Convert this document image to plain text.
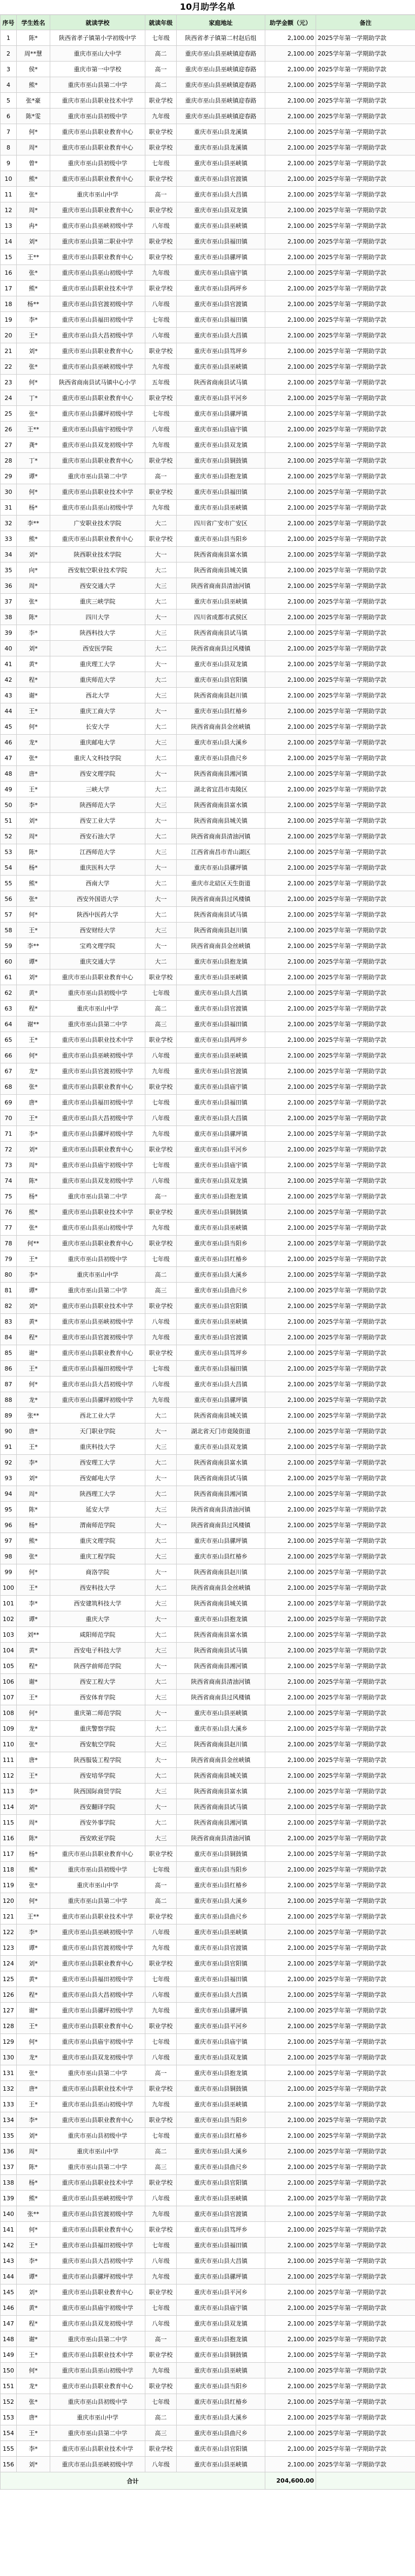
10月助学名单
序号	学生姓名	就读学校	就读年级	家庭地址	助学金额（元）	备注
1	陈*	陕西省孝子镇第小学初级中学	七年级	陕西省孝子镇第二村赵后组	2,100.00	2025学年第一学期助学款
2	周**慧	重庆市巫山大中学	高二	重庆市巫山县巫峡镇迎春路	2,100.00	2025学年第一学期助学款
3	侯*	重庆市第一中学校	高一	重庆市巫山县巫峡镇迎春路	2,100.00	2025学年第一学期助学款
4	熊*	重庆市巫山县第二中学	高二	重庆市巫山县巫峡镇迎春路	2,100.00	2025学年第一学期助学款
5	张*豪	重庆市巫山县职业技术中学	职业学校	重庆市巫山县巫峡镇迎春路	2,100.00	2025学年第一学期助学款
6	陈*雯	重庆市巫山县初级中学	九年级	重庆市巫山县巫峡镇迎春路	2,100.00	2025学年第一学期助学款
7	何*	重庆市巫山县职业教育中心	职业学校	重庆市巫山县龙溪镇	2,100.00	2025学年第一学期助学款
8	周*	重庆市巫山县职业教育中心	职业学校	重庆市巫山县龙溪镇	2,100.00	2025学年第一学期助学款
9	曾*	重庆市巫山县初级中学	七年级	重庆市巫山县巫峡镇	2,100.00	2025学年第一学期助学款
10	熊*	重庆市巫山县职业教育中心	职业学校	重庆市巫山县官渡镇	2,100.00	2025学年第一学期助学款
11	张*	重庆市巫山中学	高一	重庆市巫山县大昌镇	2,100.00	2025学年第一学期助学款
12	周*	重庆市巫山县职业教育中心	职业学校	重庆市巫山县双龙镇	2,100.00	2025学年第一学期助学款
13	冉*	重庆市巫山县巫峡初级中学	八年级	重庆市巫山县巫峡镇	2,100.00	2025学年第一学期助学款
14	刘*	重庆市巫山县第二职业中学	职业学校	重庆市巫山县福田镇	2,100.00	2025学年第一学期助学款
15	王**	重庆市巫山县职业教育中心	职业学校	重庆市巫山县骡坪镇	2,100.00	2025学年第一学期助学款
16	张*	重庆市巫山县巫山初级中学	九年级	重庆市巫山县庙宇镇	2,100.00	2025学年第一学期助学款
17	熊*	重庆市巫山县职业技术中学	职业学校	重庆市巫山县两坪乡	2,100.00	2025学年第一学期助学款
18	杨**	重庆市巫山县官渡初级中学	八年级	重庆市巫山县官渡镇	2,100.00	2025学年第一学期助学款
19	李*	重庆市巫山县福田初级中学	七年级	重庆市巫山县福田镇	2,100.00	2025学年第一学期助学款
20	王*	重庆市巫山县大昌初级中学	八年级	重庆市巫山县大昌镇	2,100.00	2025学年第一学期助学款
21	刘*	重庆市巫山县职业教育中心	职业学校	重庆市巫山县笃坪乡	2,100.00	2025学年第一学期助学款
22	张*	重庆市巫山县巫峡初级中学	九年级	重庆市巫山县巫峡镇	2,100.00	2025学年第一学期助学款
23	何*	陕西省商南县试马镇中心小学	五年级	陕西省商南县试马镇	2,100.00	2025学年第一学期助学款
24	丁*	重庆市巫山县职业教育中心	职业学校	重庆市巫山县平河乡	2,100.00	2025学年第一学期助学款
25	张*	重庆市巫山县骡坪初级中学	七年级	重庆市巫山县骡坪镇	2,100.00	2025学年第一学期助学款
26	王**	重庆市巫山县庙宇初级中学	八年级	重庆市巫山县庙宇镇	2,100.00	2025学年第一学期助学款
27	龚*	重庆市巫山县双龙初级中学	九年级	重庆市巫山县双龙镇	2,100.00	2025学年第一学期助学款
28	丁*	重庆市巫山县职业教育中心	职业学校	重庆市巫山县铜鼓镇	2,100.00	2025学年第一学期助学款
29	谭*	重庆市巫山县第二中学	高一	重庆市巫山县抱龙镇	2,100.00	2025学年第一学期助学款
30	何*	重庆市巫山县职业技术中学	职业学校	重庆市巫山县福田镇	2,100.00	2025学年第一学期助学款
31	杨*	重庆市巫山县巫山初级中学	九年级	重庆市巫山县巫峡镇	2,100.00	2025学年第一学期助学款
32	李**	广安职业技术学院	大二	四川省广安市广安区	2,100.00	2025学年第一学期助学款
33	熊*	重庆市巫山县职业教育中心	职业学校	重庆市巫山县当阳乡	2,100.00	2025学年第一学期助学款
34	刘*	陕西职业技术学院	大一	陕西省商南县富水镇	2,100.00	2025学年第一学期助学款
35	向*	西安航空职业技术学院	大二	陕西省商南县城关镇	2,100.00	2025学年第一学期助学款
36	周*	西安交通大学	大三	陕西省商南县清油河镇	2,100.00	2025学年第一学期助学款
37	张*	重庆三峡学院	大二	重庆市巫山县巫峡镇	2,100.00	2025学年第一学期助学款
38	陈*	四川大学	大一	四川省成都市武侯区	2,100.00	2025学年第一学期助学款
39	李*	陕西科技大学	大三	陕西省商南县试马镇	2,100.00	2025学年第一学期助学款
40	刘*	西安医学院	大二	陕西省商南县过风楼镇	2,100.00	2025学年第一学期助学款
41	黄*	重庆理工大学	大一	重庆市巫山县双龙镇	2,100.00	2025学年第一学期助学款
42	程*	重庆师范大学	大二	重庆市巫山县官阳镇	2,100.00	2025学年第一学期助学款
43	谢*	西北大学	大三	陕西省商南县赵川镇	2,100.00	2025学年第一学期助学款
44	王*	重庆工商大学	大一	重庆市巫山县红椿乡	2,100.00	2025学年第一学期助学款
45	何*	长安大学	大二	陕西省商南县金丝峡镇	2,100.00	2025学年第一学期助学款
46	龙*	重庆邮电大学	大三	重庆市巫山县大溪乡	2,100.00	2025学年第一学期助学款
47	张*	重庆人文科技学院	大二	重庆市巫山县曲尺乡	2,100.00	2025学年第一学期助学款
48	唐*	西安文理学院	大一	陕西省商南县湘河镇	2,100.00	2025学年第一学期助学款
49	王*	三峡大学	大二	湖北省宜昌市夷陵区	2,100.00	2025学年第一学期助学款
50	李*	陕西师范大学	大三	陕西省商南县富水镇	2,100.00	2025学年第一学期助学款
51	刘*	西安工业大学	大一	陕西省商南县城关镇	2,100.00	2025学年第一学期助学款
52	周*	西安石油大学	大二	陕西省商南县清油河镇	2,100.00	2025学年第一学期助学款
53	陈*	江西师范大学	大三	江西省南昌市青山湖区	2,100.00	2025学年第一学期助学款
54	杨*	重庆医科大学	大一	重庆市巫山县骡坪镇	2,100.00	2025学年第一学期助学款
55	熊*	西南大学	大二	重庆市北碚区天生街道	2,100.00	2025学年第一学期助学款
56	张*	西安外国语大学	大一	陕西省商南县过风楼镇	2,100.00	2025学年第一学期助学款
57	何*	陕西中医药大学	大二	陕西省商南县试马镇	2,100.00	2025学年第一学期助学款
58	王*	西安财经大学	大三	陕西省商南县赵川镇	2,100.00	2025学年第一学期助学款
59	李**	宝鸡文理学院	大一	陕西省商南县金丝峡镇	2,100.00	2025学年第一学期助学款
60	谭*	重庆交通大学	大二	重庆市巫山县抱龙镇	2,100.00	2025学年第一学期助学款
61	刘*	重庆市巫山县职业教育中心	职业学校	重庆市巫山县巫峡镇	2,100.00	2025学年第一学期助学款
62	黄*	重庆市巫山县初级中学	七年级	重庆市巫山县大昌镇	2,100.00	2025学年第一学期助学款
63	程*	重庆市巫山中学	高二	重庆市巫山县官渡镇	2,100.00	2025学年第一学期助学款
64	谢**	重庆市巫山县第二中学	高三	重庆市巫山县福田镇	2,100.00	2025学年第一学期助学款
65	王*	重庆市巫山县职业技术中学	职业学校	重庆市巫山县两坪乡	2,100.00	2025学年第一学期助学款
66	何*	重庆市巫山县巫峡初级中学	八年级	重庆市巫山县巫峡镇	2,100.00	2025学年第一学期助学款
67	龙*	重庆市巫山县官渡初级中学	九年级	重庆市巫山县官渡镇	2,100.00	2025学年第一学期助学款
68	张*	重庆市巫山县职业教育中心	职业学校	重庆市巫山县庙宇镇	2,100.00	2025学年第一学期助学款
69	唐*	重庆市巫山县福田初级中学	七年级	重庆市巫山县福田镇	2,100.00	2025学年第一学期助学款
70	王*	重庆市巫山县大昌初级中学	八年级	重庆市巫山县大昌镇	2,100.00	2025学年第一学期助学款
71	李*	重庆市巫山县骡坪初级中学	九年级	重庆市巫山县骡坪镇	2,100.00	2025学年第一学期助学款
72	刘*	重庆市巫山县职业教育中心	职业学校	重庆市巫山县平河乡	2,100.00	2025学年第一学期助学款
73	周*	重庆市巫山县庙宇初级中学	七年级	重庆市巫山县庙宇镇	2,100.00	2025学年第一学期助学款
74	陈*	重庆市巫山县双龙初级中学	八年级	重庆市巫山县双龙镇	2,100.00	2025学年第一学期助学款
75	杨*	重庆市巫山县第二中学	高一	重庆市巫山县抱龙镇	2,100.00	2025学年第一学期助学款
76	熊*	重庆市巫山县职业技术中学	职业学校	重庆市巫山县铜鼓镇	2,100.00	2025学年第一学期助学款
77	张*	重庆市巫山县巫山初级中学	九年级	重庆市巫山县巫峡镇	2,100.00	2025学年第一学期助学款
78	何**	重庆市巫山县职业教育中心	职业学校	重庆市巫山县当阳乡	2,100.00	2025学年第一学期助学款
79	王*	重庆市巫山县初级中学	七年级	重庆市巫山县红椿乡	2,100.00	2025学年第一学期助学款
80	李*	重庆市巫山中学	高二	重庆市巫山县大溪乡	2,100.00	2025学年第一学期助学款
81	谭*	重庆市巫山县第二中学	高三	重庆市巫山县曲尺乡	2,100.00	2025学年第一学期助学款
82	刘*	重庆市巫山县职业技术中学	职业学校	重庆市巫山县官阳镇	2,100.00	2025学年第一学期助学款
83	黄*	重庆市巫山县巫峡初级中学	八年级	重庆市巫山县巫峡镇	2,100.00	2025学年第一学期助学款
84	程*	重庆市巫山县官渡初级中学	九年级	重庆市巫山县官渡镇	2,100.00	2025学年第一学期助学款
85	谢*	重庆市巫山县职业教育中心	职业学校	重庆市巫山县笃坪乡	2,100.00	2025学年第一学期助学款
86	王*	重庆市巫山县福田初级中学	七年级	重庆市巫山县福田镇	2,100.00	2025学年第一学期助学款
87	何*	重庆市巫山县大昌初级中学	八年级	重庆市巫山县大昌镇	2,100.00	2025学年第一学期助学款
88	龙*	重庆市巫山县骡坪初级中学	九年级	重庆市巫山县骡坪镇	2,100.00	2025学年第一学期助学款
89	张**	西北工业大学	大二	陕西省商南县城关镇	2,100.00	2025学年第一学期助学款
90	唐*	天门职业学院	大一	湖北省天门市竟陵街道	2,100.00	2025学年第一学期助学款
91	王*	重庆科技大学	大三	重庆市巫山县双龙镇	2,100.00	2025学年第一学期助学款
92	李*	西安理工大学	大二	陕西省商南县富水镇	2,100.00	2025学年第一学期助学款
93	刘*	西安邮电大学	大一	陕西省商南县试马镇	2,100.00	2025学年第一学期助学款
94	周*	陕西理工大学	大二	陕西省商南县湘河镇	2,100.00	2025学年第一学期助学款
95	陈*	延安大学	大三	陕西省商南县清油河镇	2,100.00	2025学年第一学期助学款
96	杨*	渭南师范学院	大一	陕西省商南县过风楼镇	2,100.00	2025学年第一学期助学款
97	熊*	重庆文理学院	大二	重庆市巫山县骡坪镇	2,100.00	2025学年第一学期助学款
98	张*	重庆工程学院	大三	重庆市巫山县红椿乡	2,100.00	2025学年第一学期助学款
99	何*	商洛学院	大一	陕西省商南县赵川镇	2,100.00	2025学年第一学期助学款
100	王*	西安科技大学	大二	陕西省商南县金丝峡镇	2,100.00	2025学年第一学期助学款
101	李*	西安建筑科技大学	大三	陕西省商南县城关镇	2,100.00	2025学年第一学期助学款
102	谭*	重庆大学	大一	重庆市巫山县抱龙镇	2,100.00	2025学年第一学期助学款
103	刘**	咸阳师范学院	大二	陕西省商南县富水镇	2,100.00	2025学年第一学期助学款
104	黄*	西安电子科技大学	大三	陕西省商南县试马镇	2,100.00	2025学年第一学期助学款
105	程*	陕西学前师范学院	大一	陕西省商南县湘河镇	2,100.00	2025学年第一学期助学款
106	谢*	西安工程大学	大二	陕西省商南县清油河镇	2,100.00	2025学年第一学期助学款
107	王*	西安体育学院	大三	陕西省商南县过风楼镇	2,100.00	2025学年第一学期助学款
108	何*	重庆第二师范学院	大一	重庆市巫山县巫峡镇	2,100.00	2025学年第一学期助学款
109	龙*	重庆警察学院	大二	重庆市巫山县大溪乡	2,100.00	2025学年第一学期助学款
110	张*	西安航空学院	大三	陕西省商南县赵川镇	2,100.00	2025学年第一学期助学款
111	唐*	陕西服装工程学院	大一	陕西省商南县金丝峡镇	2,100.00	2025学年第一学期助学款
112	王*	西安培华学院	大二	陕西省商南县城关镇	2,100.00	2025学年第一学期助学款
113	李*	陕西国际商贸学院	大三	陕西省商南县富水镇	2,100.00	2025学年第一学期助学款
114	刘*	西安翻译学院	大一	陕西省商南县试马镇	2,100.00	2025学年第一学期助学款
115	周*	西安外事学院	大二	陕西省商南县湘河镇	2,100.00	2025学年第一学期助学款
116	陈*	西安欧亚学院	大三	陕西省商南县清油河镇	2,100.00	2025学年第一学期助学款
117	杨*	重庆市巫山县职业教育中心	职业学校	重庆市巫山县铜鼓镇	2,100.00	2025学年第一学期助学款
118	熊*	重庆市巫山县初级中学	七年级	重庆市巫山县当阳乡	2,100.00	2025学年第一学期助学款
119	张*	重庆市巫山中学	高一	重庆市巫山县红椿乡	2,100.00	2025学年第一学期助学款
120	何*	重庆市巫山县第二中学	高二	重庆市巫山县大溪乡	2,100.00	2025学年第一学期助学款
121	王**	重庆市巫山县职业技术中学	职业学校	重庆市巫山县曲尺乡	2,100.00	2025学年第一学期助学款
122	李*	重庆市巫山县巫峡初级中学	八年级	重庆市巫山县巫峡镇	2,100.00	2025学年第一学期助学款
123	谭*	重庆市巫山县官渡初级中学	九年级	重庆市巫山县官渡镇	2,100.00	2025学年第一学期助学款
124	刘*	重庆市巫山县职业教育中心	职业学校	重庆市巫山县官阳镇	2,100.00	2025学年第一学期助学款
125	黄*	重庆市巫山县福田初级中学	七年级	重庆市巫山县福田镇	2,100.00	2025学年第一学期助学款
126	程*	重庆市巫山县大昌初级中学	八年级	重庆市巫山县大昌镇	2,100.00	2025学年第一学期助学款
127	谢*	重庆市巫山县骡坪初级中学	九年级	重庆市巫山县骡坪镇	2,100.00	2025学年第一学期助学款
128	王*	重庆市巫山县职业教育中心	职业学校	重庆市巫山县平河乡	2,100.00	2025学年第一学期助学款
129	何*	重庆市巫山县庙宇初级中学	七年级	重庆市巫山县庙宇镇	2,100.00	2025学年第一学期助学款
130	龙*	重庆市巫山县双龙初级中学	八年级	重庆市巫山县双龙镇	2,100.00	2025学年第一学期助学款
131	张*	重庆市巫山县第二中学	高一	重庆市巫山县抱龙镇	2,100.00	2025学年第一学期助学款
132	唐*	重庆市巫山县职业技术中学	职业学校	重庆市巫山县铜鼓镇	2,100.00	2025学年第一学期助学款
133	王*	重庆市巫山县巫山初级中学	九年级	重庆市巫山县巫峡镇	2,100.00	2025学年第一学期助学款
134	李*	重庆市巫山县职业教育中心	职业学校	重庆市巫山县当阳乡	2,100.00	2025学年第一学期助学款
135	刘*	重庆市巫山县初级中学	七年级	重庆市巫山县红椿乡	2,100.00	2025学年第一学期助学款
136	周*	重庆市巫山中学	高二	重庆市巫山县大溪乡	2,100.00	2025学年第一学期助学款
137	陈*	重庆市巫山县第二中学	高三	重庆市巫山县曲尺乡	2,100.00	2025学年第一学期助学款
138	杨*	重庆市巫山县职业技术中学	职业学校	重庆市巫山县官阳镇	2,100.00	2025学年第一学期助学款
139	熊*	重庆市巫山县巫峡初级中学	八年级	重庆市巫山县巫峡镇	2,100.00	2025学年第一学期助学款
140	张**	重庆市巫山县官渡初级中学	九年级	重庆市巫山县官渡镇	2,100.00	2025学年第一学期助学款
141	何*	重庆市巫山县职业教育中心	职业学校	重庆市巫山县笃坪乡	2,100.00	2025学年第一学期助学款
142	王*	重庆市巫山县福田初级中学	七年级	重庆市巫山县福田镇	2,100.00	2025学年第一学期助学款
143	李*	重庆市巫山县大昌初级中学	八年级	重庆市巫山县大昌镇	2,100.00	2025学年第一学期助学款
144	谭*	重庆市巫山县骡坪初级中学	九年级	重庆市巫山县骡坪镇	2,100.00	2025学年第一学期助学款
145	刘*	重庆市巫山县职业教育中心	职业学校	重庆市巫山县平河乡	2,100.00	2025学年第一学期助学款
146	黄*	重庆市巫山县庙宇初级中学	七年级	重庆市巫山县庙宇镇	2,100.00	2025学年第一学期助学款
147	程*	重庆市巫山县双龙初级中学	八年级	重庆市巫山县双龙镇	2,100.00	2025学年第一学期助学款
148	谢*	重庆市巫山县第二中学	高一	重庆市巫山县抱龙镇	2,100.00	2025学年第一学期助学款
149	王*	重庆市巫山县职业技术中学	职业学校	重庆市巫山县铜鼓镇	2,100.00	2025学年第一学期助学款
150	何*	重庆市巫山县巫山初级中学	九年级	重庆市巫山县巫峡镇	2,100.00	2025学年第一学期助学款
151	龙*	重庆市巫山县职业教育中心	职业学校	重庆市巫山县当阳乡	2,100.00	2025学年第一学期助学款
152	张*	重庆市巫山县初级中学	七年级	重庆市巫山县红椿乡	2,100.00	2025学年第一学期助学款
153	唐*	重庆市巫山中学	高二	重庆市巫山县大溪乡	2,100.00	2025学年第一学期助学款
154	王*	重庆市巫山县第二中学	高三	重庆市巫山县曲尺乡	2,100.00	2025学年第一学期助学款
155	李*	重庆市巫山县职业技术中学	职业学校	重庆市巫山县官阳镇	2,100.00	2025学年第一学期助学款
156	刘*	重庆市巫山县巫峡初级中学	八年级	重庆市巫山县巫峡镇	2,100.00	2025学年第一学期助学款
合计					204,600.00	
